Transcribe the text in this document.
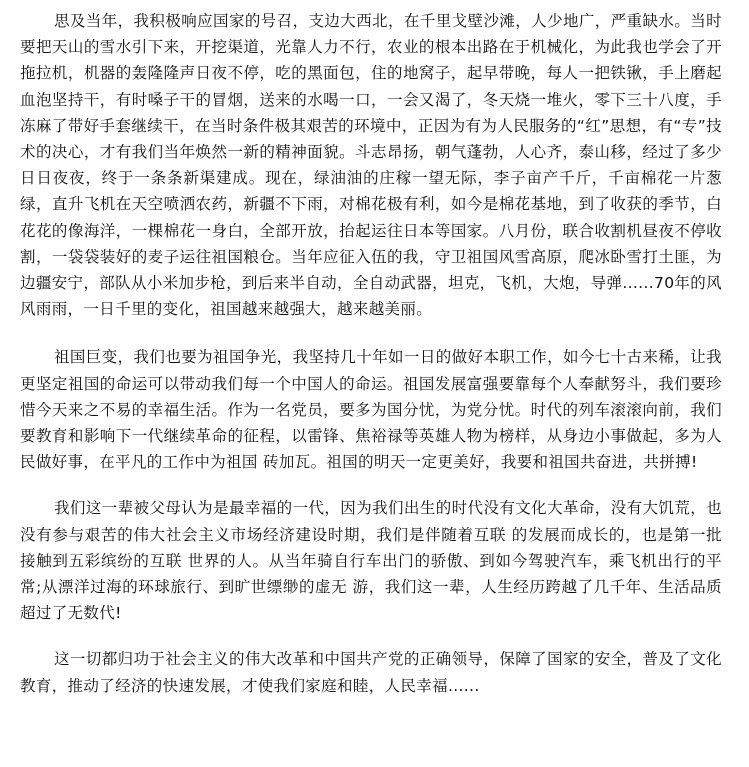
思及当年，我积极响应国家的号召，支边大西北，在千里戈壁沙滩，人少地广，严重缺水。当时要把天山的雪水引下来，开挖渠道，光靠人力不行，农业的根本出路在于机械化，为此我也学会了开拖拉机，机器的轰隆隆声日夜不停，吃的黑面包，住的地窝子，起早带晚，每人一把铁锹，手上磨起血泡坚持干，有时嗓子干的冒烟，送来的水喝一口，一会又渴了，冬天烧一堆火，零下三十八度，手冻麻了带好手套继续干，在当时条件极其艰苦的环境中，正因为有为人民服务的“红”思想，有“专”技术的决心，才有我们当年焕然一新的精神面貌。斗志昂扬，朝气蓬勃，人心齐，泰山移，经过了多少日日夜夜，终于一条条新渠建成。现在，绿油油的庄稼一望无际，李子亩产千斤，千亩棉花一片葱绿，直升飞机在天空喷洒农药，新疆不下雨，对棉花极有利，如今是棉花基地，到了收获的季节，白花花的像海洋，一棵棉花一身白，全部开放，抬起运往日本等国家。八月份，联合收割机昼夜不停收割，一袋袋装好的麦子运往祖国粮仓。当年应征入伍的我，守卫祖国风雪高原，爬冰卧雪打土匪，为边疆安宁，部队从小米加步枪，到后来半自动，全自动武器，坦克，飞机，大炮，导弹......70年的风风雨雨，一日千里的变化，祖国越来越强大，越来越美丽。

祖国巨变，我们也要为祖国争光，我坚持几十年如一日的做好本职工作，如今七十古来稀，让我更坚定祖国的命运可以带动我们每一个中国人的命运。祖国发展富强要靠每个人奉献努斗，我们要珍惜今天来之不易的幸福生活。作为一名党员，要多为国分忧，为党分忧。时代的列车滚滚向前，我们要教育和影响下一代继续革命的征程，以雷锋、焦裕禄等英雄人物为榜样，从身边小事做起，多为人民做好事，在平凡的工作中为祖国 砖加瓦。祖国的明天一定更美好，我要和祖国共奋进，共拼搏!

我们这一辈被父母认为是最幸福的一代，因为我们出生的时代没有文化大革命，没有大饥荒，也没有参与艰苦的伟大社会主义市场经济建设时期，我们是伴随着互联 的发展而成长的，也是第一批接触到五彩缤纷的互联 世界的人。从当年骑自行车出门的骄傲、到如今驾驶汽车，乘飞机出行的平常;从漂洋过海的环球旅行、到旷世缥缈的虚无 游，我们这一辈，人生经历跨越了几千年、生活品质超过了无数代!

这一切都归功于社会主义的伟大改革和中国共产党的正确领导，保障了国家的安全，普及了文化教育，推动了经济的快速发展，才使我们家庭和睦，人民幸福......
